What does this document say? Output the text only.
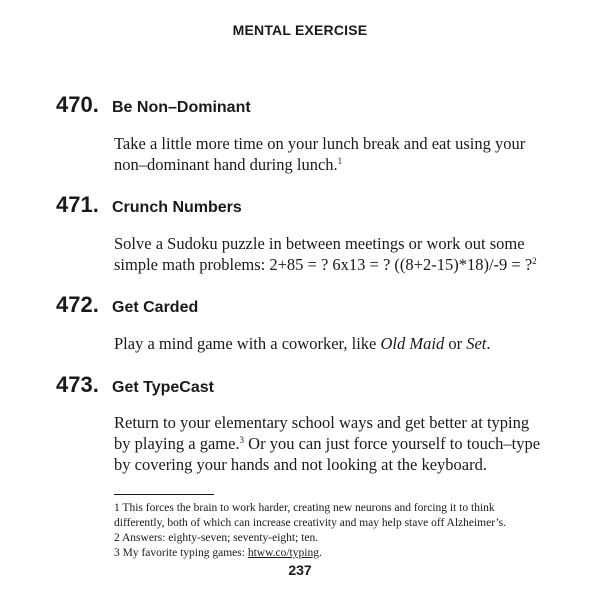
MENTAL EXERCISE
470. Be Non–Dominant

Take a little more time on your lunch break and eat using your
non–dominant hand during lunch.$^1$

471. Crunch Numbers

Solve a Sudoku puzzle in between meetings or work out some
simple math problems: 2+85 = ? 6x13 = ? ((8+2-15)*18)/-9 = ?$^2$

472. Get Carded

Play a mind game with a coworker, like Old Maid or Set.

473. Get TypeCast

Return to your elementary school ways and get better at typing
by playing a game.$^3$ Or you can just force yourself to touch–type
by covering your hands and not looking at the keyboard.

1 This forces the brain to work harder, creating new neurons and forcing it to think
differently, both of which can increase creativity and may help stave off Alzheimer’s.
2 Answers: eighty-seven; seventy-eight; ten.
3 My favorite typing games: htww.co/typing.
237
